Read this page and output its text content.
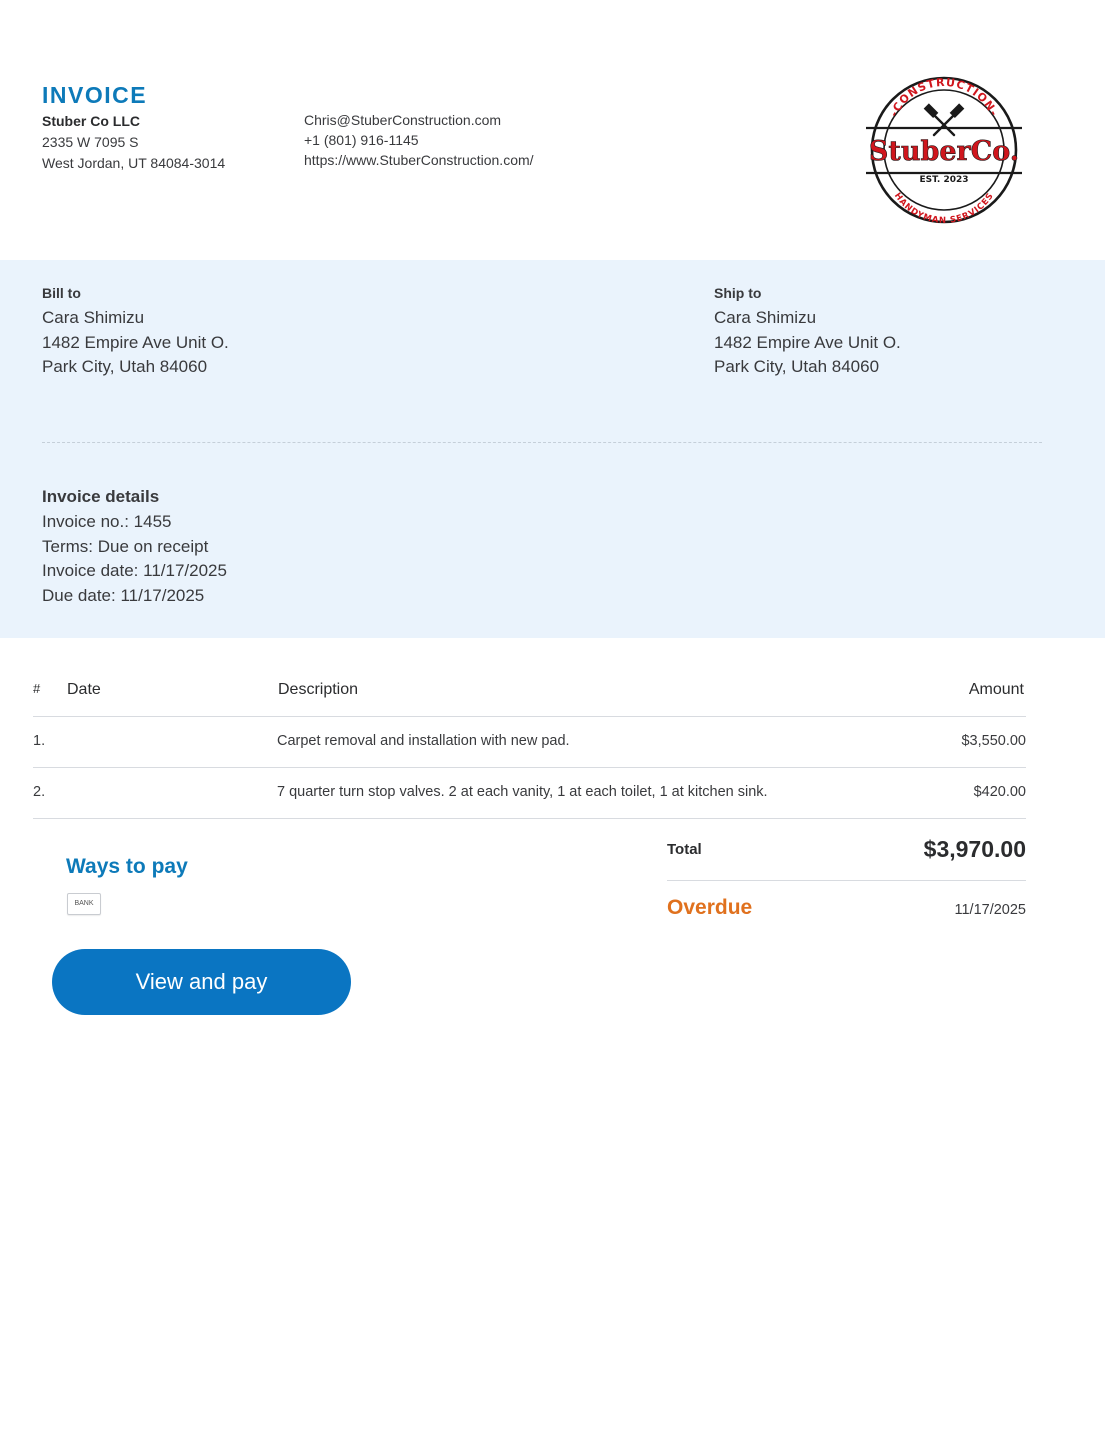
INVOICE
Stuber Co LLC
2335 W 7095 S
West Jordan, UT 84084-3014
Chris@StuberConstruction.com
+1 (801) 916-1145
https://www.StuberConstruction.com/
-CONSTRUCTION-
StuberCo.
EST. 2023
HANDYMAN SERVICES
Bill to
Cara Shimizu
1482 Empire Ave Unit O.
Park City, Utah 84060
Ship to
Cara Shimizu
1482 Empire Ave Unit O.
Park City, Utah 84060
Invoice details
Invoice no.: 1455
Terms: Due on receipt
Invoice date: 11/17/2025
Due date: 11/17/2025
# Date	Description	Amount
1.	Carpet removal and installation with new pad.	$3,550.00
2.	7 quarter turn stop valves. 2 at each vanity, 1 at each toilet, 1 at kitchen sink.	$420.00
Ways to pay
BANK
View and pay
Total	$3,970.00
Overdue	11/17/2025
